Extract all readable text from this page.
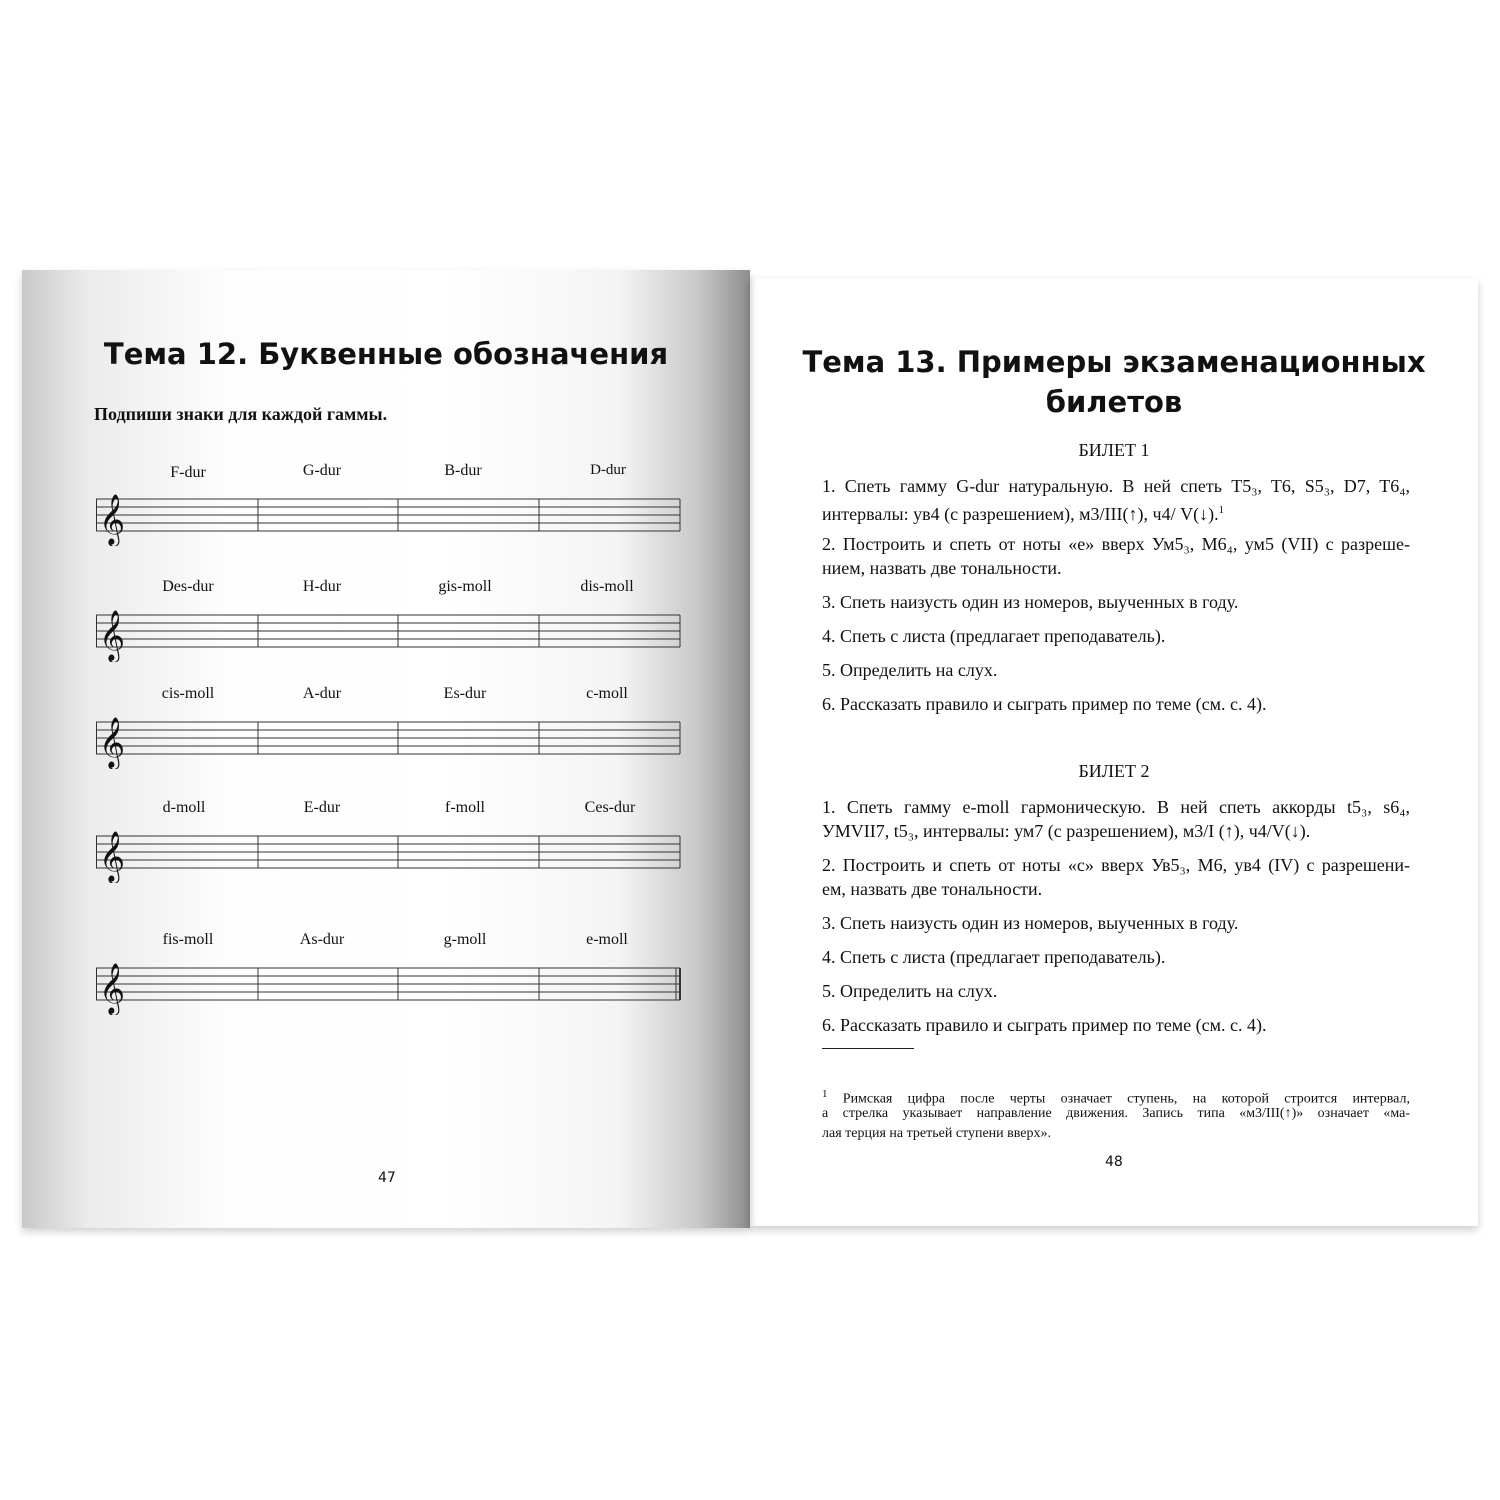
Тема 12. Буквенные обозначения
Подпиши знаки для каждой гаммы.
F-dur	G-dur	B-dur	D-dur
𝄞
Des-dur	H-dur	gis-moll	dis-moll
𝄞
cis-moll	A-dur	Es-dur	c-moll
𝄞
d-moll	E-dur	f-moll	Ces-dur
𝄞
fis-moll	As-dur	g-moll	e-moll
𝄞
47
Тема 13. Примеры экзаменационных
билетов
БИЛЕТ 1
1. Спеть гамму G-dur натуральную. В ней спеть T5₃, T6, S5₃, D7, T6₄,
интервалы: ув4 (с разрешением), м3/III(↑), ч4/ V(↓).$^1$
2. Построить и спеть от ноты «е» вверх Ум5₃, М6₄, ум5 (VII) с разреше-
нием, назвать две тональности.
3. Спеть наизусть один из номеров, выученных в году.
4. Спеть с листа (предлагает преподаватель).
5. Определить на слух.
6. Рассказать правило и сыграть пример по теме (см. с. 4).
БИЛЕТ 2
1. Спеть гамму e-moll гармоническую. В ней спеть аккорды t5₃, s6₄,
УМVII7, t5₃, интервалы: ум7 (с разрешением), м3/I (↑), ч4/V(↓).
2. Построить и спеть от ноты «с» вверх Ув5₃, М6, ув4 (IV) с разрешени-
ем, назвать две тональности.
3. Спеть наизусть один из номеров, выученных в году.
4. Спеть с листа (предлагает преподаватель).
5. Определить на слух.
6. Рассказать правило и сыграть пример по теме (см. с. 4).
$^1$ Римская цифра после черты означает ступень, на которой строится интервал,
а стрелка указывает направление движения. Запись типа «м3/III(↑)» означает «ма-
лая терция на третьей ступени вверх».
48
